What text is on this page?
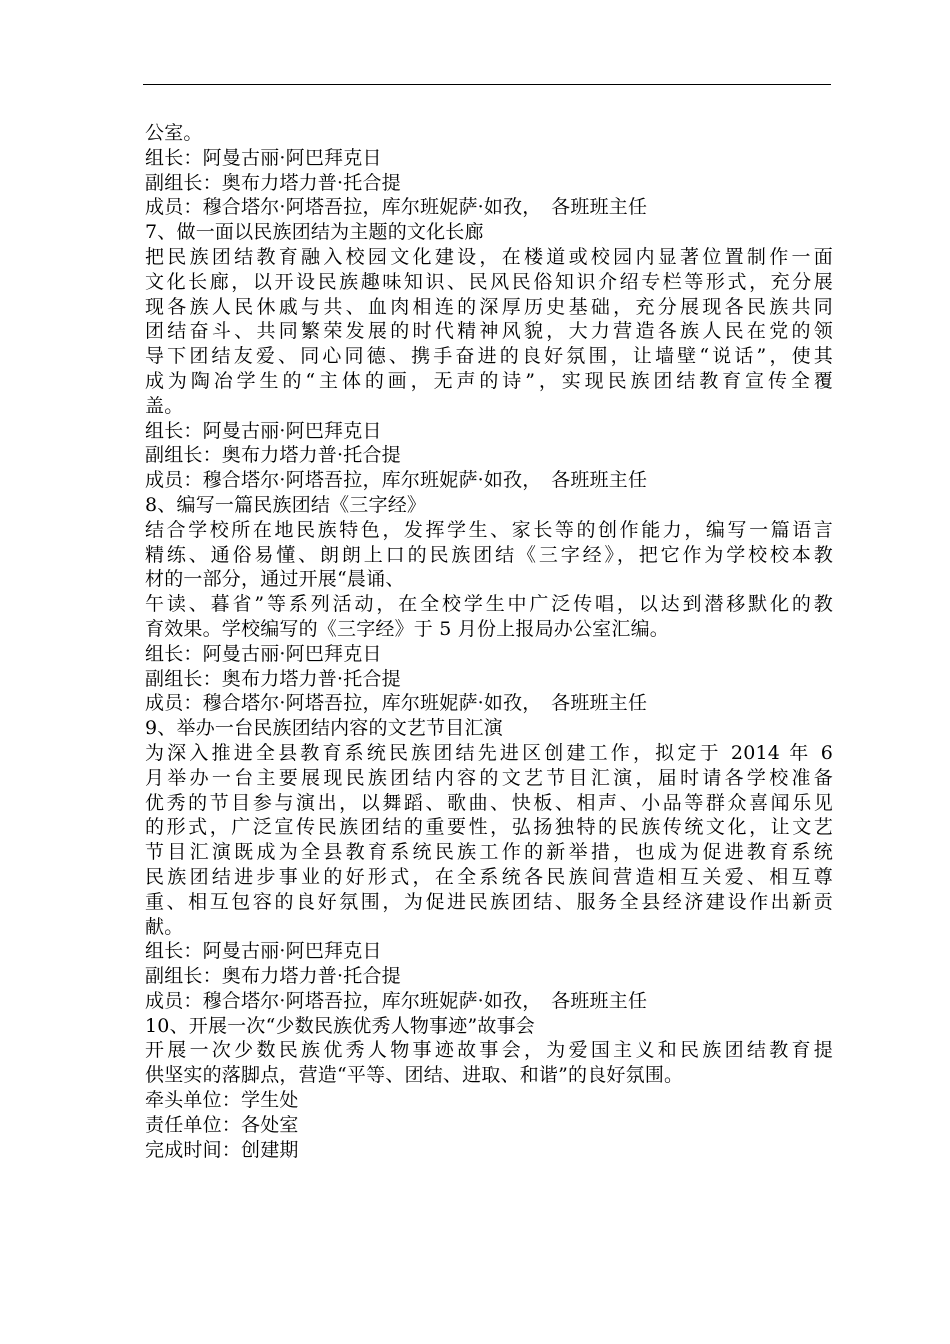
公室。
组长：阿曼古丽·阿巴拜克日
副组长：奥布力塔力普·托合提
成员：穆合塔尔·阿塔吾拉，库尔班妮萨·如孜，　各班班主任
7、做一面以民族团结为主题的文化长廊
把民族团结教育融入校园文化建设，在楼道或校园内显著位置制作一面
文化长廊，以开设民族趣味知识、民风民俗知识介绍专栏等形式，充分展
现各族人民休戚与共、血肉相连的深厚历史基础，充分展现各民族共同
团结奋斗、共同繁荣发展的时代精神风貌，大力营造各族人民在党的领
导下团结友爱、同心同德、携手奋进的良好氛围，让墙壁“说话”，使其
成为陶冶学生的“主体的画，无声的诗”，实现民族团结教育宣传全覆
盖。
组长：阿曼古丽·阿巴拜克日
副组长：奥布力塔力普·托合提
成员：穆合塔尔·阿塔吾拉，库尔班妮萨·如孜，　各班班主任
8、编写一篇民族团结《三字经》
结合学校所在地民族特色，发挥学生、家长等的创作能力，编写一篇语言
精练、通俗易懂、朗朗上口的民族团结《三字经》，把它作为学校校本教
材的一部分，通过开展“晨诵、
午读、暮省”等系列活动，在全校学生中广泛传唱，以达到潜移默化的教
育效果。学校编写的《三字经》于 5 月份上报局办公室汇编。
组长：阿曼古丽·阿巴拜克日
副组长：奥布力塔力普·托合提
成员：穆合塔尔·阿塔吾拉，库尔班妮萨·如孜，　各班班主任
9、举办一台民族团结内容的文艺节目汇演
为深入推进全县教育系统民族团结先进区创建工作，拟定于 2014 年 6
月举办一台主要展现民族团结内容的文艺节目汇演，届时请各学校准备
优秀的节目参与演出，以舞蹈、歌曲、快板、相声、小品等群众喜闻乐见
的形式，广泛宣传民族团结的重要性，弘扬独特的民族传统文化，让文艺
节目汇演既成为全县教育系统民族工作的新举措，也成为促进教育系统
民族团结进步事业的好形式，在全系统各民族间营造相互关爱、相互尊
重、相互包容的良好氛围，为促进民族团结、服务全县经济建设作出新贡
献。
组长：阿曼古丽·阿巴拜克日
副组长：奥布力塔力普·托合提
成员：穆合塔尔·阿塔吾拉，库尔班妮萨·如孜，　各班班主任
10、开展一次“少数民族优秀人物事迹”故事会
开展一次少数民族优秀人物事迹故事会，为爱国主义和民族团结教育提
供坚实的落脚点，营造“平等、团结、进取、和谐”的良好氛围。
牵头单位：学生处
责任单位：各处室
完成时间：创建期
